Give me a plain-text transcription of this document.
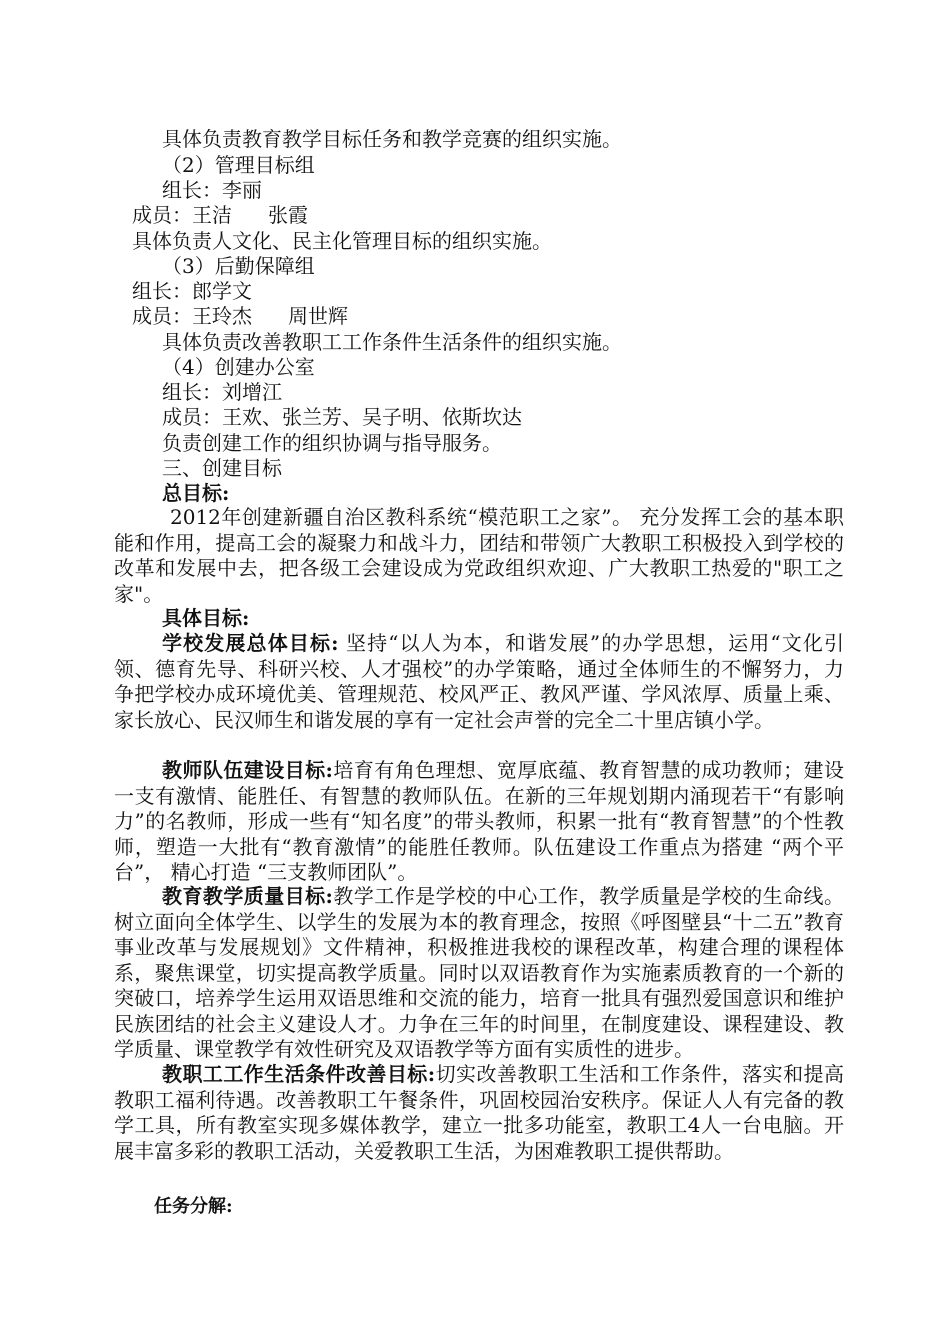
具体负责教育教学目标任务和教学竞赛的组织实施。
（2）管理目标组
组长：李丽
成员：王洁 张霞
具体负责人文化、民主化管理目标的组织实施。
（3）后勤保障组
组长：郎学文
成员：王玲杰 周世辉
具体负责改善教职工工作条件生活条件的组织实施。
（4）创建办公室
组长：刘增江
成员：王欢、张兰芳、吴子明、依斯坎达
负责创建工作的组织协调与指导服务。
三、创建目标
总目标:
2012年创建新疆自治区教科系统“模范职工之家”。 充分发挥工会的基本职能和作用，提高工会的凝聚力和战斗力，团结和带领广大教职工积极投入到学校的改革和发展中去，把各级工会建设成为党政组织欢迎、广大教职工热爱的"职工之家"。
具体目标:
学校发展总体目标: 坚持“以人为本，和谐发展”的办学思想，运用“文化引领、德育先导、科研兴校、人才强校”的办学策略，通过全体师生的不懈努力，力争把学校办成环境优美、管理规范、校风严正、教风严谨、学风浓厚、质量上乘、家长放心、民汉师生和谐发展的享有一定社会声誉的完全二十里店镇小学。
教师队伍建设目标:培育有角色理想、宽厚底蕴、教育智慧的成功教师；建设一支有激情、能胜任、有智慧的教师队伍。在新的三年规划期内涌现若干“有影响力”的名教师，形成一些有“知名度”的带头教师，积累一批有“教育智慧”的个性教师，塑造一大批有“教育激情”的能胜任教师。队伍建设工作重点为搭建 “两个平台”， 精心打造 “三支教师团队”。
教育教学质量目标:教学工作是学校的中心工作，教学质量是学校的生命线。树立面向全体学生、以学生的发展为本的教育理念，按照《呼图壁县“十二五”教育事业改革与发展规划》文件精神，积极推进我校的课程改革，构建合理的课程体系，聚焦课堂，切实提高教学质量。同时以双语教育作为实施素质教育的一个新的突破口，培养学生运用双语思维和交流的能力，培育一批具有强烈爱国意识和维护民族团结的社会主义建设人才。力争在三年的时间里，在制度建设、课程建设、教学质量、课堂教学有效性研究及双语教学等方面有实质性的进步。
教职工工作生活条件改善目标:切实改善教职工生活和工作条件，落实和提高教职工福利待遇。改善教职工午餐条件，巩固校园治安秩序。保证人人有完备的教学工具，所有教室实现多媒体教学，建立一批多功能室，教职工4人一台电脑。开展丰富多彩的教职工活动，关爱教职工生活，为困难教职工提供帮助。
任务分解:
